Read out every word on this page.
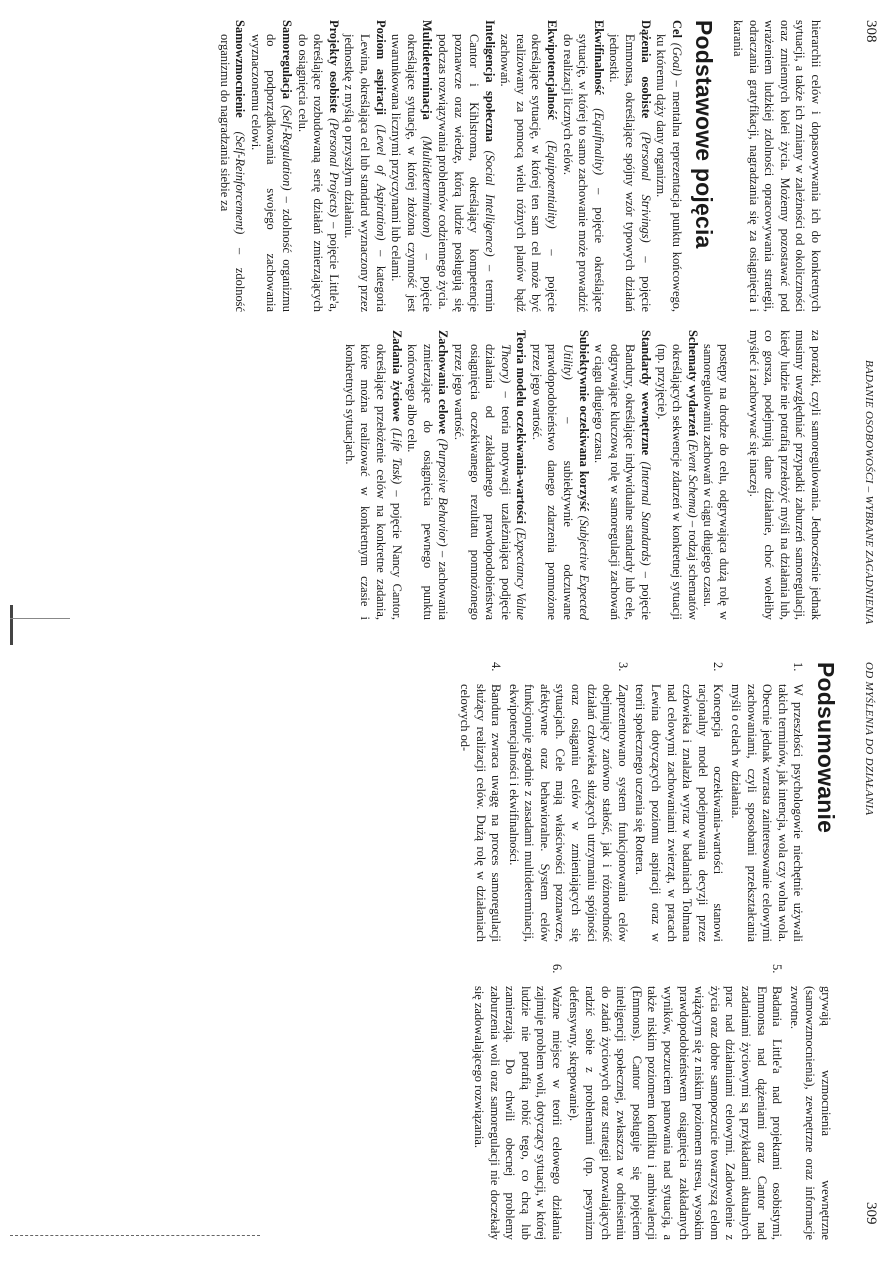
308
BADANIE OSOBOWOŚCI – WYBRANE ZAGADNIENIA

hierarchii celów i dopasowywania ich do konkretnych sytuacji, a także ich zmiany w zależności od okoliczności oraz zmiennych kolei życia. Możemy pozostawać pod wrażeniem ludzkiej zdolności opracowywania strategii, odraczania gratyfikacji, nagradzania się za osiągnięcia i karania

Podstawowe pojęcia

Cel (Goal) – mentalna reprezentacja punktu końcowego, ku któremu dąży dany organizm.

Dążenia osobiste (Personal Strivings) – pojęcie Emmonsa, określające spójny wzór typowych działań jednostki.

Ekwifinalność (Equifinality) – pojęcie określające sytuację, w której to samo zachowanie może prowadzić do realizacji licznych celów.

Ekwipotencjalność (Equipotentiality) – pojęcie określające sytuację, w której ten sam cel może być realizowany za pomocą wielu różnych planów bądź zachowań.

Inteligencja społeczna (Social Intelligence) – termin Cantor i Kihlstroma, określający kompetencje poznawcze oraz wiedzę, którą ludzie posługują się podczas rozwiązywania problemów codziennego życia.

Multideterminacja (Multideterminaton) – pojęcie określające sytuację, w której złożona czynność jest uwarunkowana licznymi przyczynami lub celami.

Poziom aspiracji (Level of Aspiration) – kategoria Lewina, określająca cel lub standard wyznaczony przez jednostkę z myślą o przyszłym działaniu.

Projekty osobiste (Personal Projects) – pojęcie Little'a, określające rozbudowaną serię działań zmierzających do osiągnięcia celu.

Samoregulacja (Self-Regulation) – zdolność organizmu do podporządkowania swojego zachowania wyznaczonemu celowi.

Samowzmocnienie (Self-Reinforcement) – zdolność organizmu do nagradzania siebie za

za porażki, czyli samoregulowania. Jednocześnie jednak musimy uwzględniać przypadki zaburzeń samoregulacji, kiedy ludzie nie potrafią przełożyć myśli na działania lub, co gorsza, podejmują dane działanie, choć wolełiby myśleć i zachowywać się inaczej.

postępy na drodze do celu, odgrywająca dużą rolę w samoregulowaniu zachowań w ciągu długiego czasu.

Schematy wydarzeń (Event Schema) – rodzaj schematów określających sekwencje zdarzeń w konkretnej sytuacji (np. przyjęcie).

Standardy wewnętrzne (Internal Standards) – pojęcie Bandury, określające indywidualne standardy lub cele, odgrywające kluczową rolę w samoregulacji zachowań w ciągu długiego czasu.

Subiektywnie oczekiwana korzyść (Subjective Expected Utility) – subiektywnie odczuwane prawdopodobieństwo danego zdarzenia pomnożone przez jego wartość.

Teoria modelu oczekiwania-wartości (Expectancy Value Theory) – teoria motywacji uzależniająca podjęcie działania od zakładanego prawdopodobieństwa osiągnięcia oczekiwanego rezultatu pomnożonego przez jego wartość.

Zachowania celowe (Purposive Behavior) – zachowania zmierzające do osiągnięcia pewnego punktu końcowego albo celu.

Zadania życiowe (Life Task) – pojęcie Nancy Cantor, określające przełożenie celów na konkretne zadania, które można realizować w konkretnym czasie i konkretnych sytuacjach.

OD MYŚLENIA DO DZIAŁANIA
309
Podsumowanie
1.
W przeszłości psychologowie niechętnie używali takich terminów, jak intencja, wola czy wolna wola. Obecnie jednak wzrasta zainteresowanie celowymi zachowaniami, czyli sposobami przekształcania myśli o celach w działania.
2.
Koncepcja oczekiwania-wartości stanowi racjonalny model podejmowania decyzji przez człowieka i znalazła wyraz w badaniach Tolmana nad celowymi zachowaniami zwierząt, w pracach Lewina dotyczących poziomu aspiracji oraz w teorii społecznego uczenia się Rottera.
3.
Zaprezentowano system funkcjonowania celów obejmujący zarówno stałość, jak i różnorodność działań człowieka służących utrzymaniu spójności oraz osiąganiu celów w zmieniających się sytuacjach. Cele mają właściwości poznawcze, afektywne oraz behawioralne. System celów funkcjonuje zgodnie z zasadami multideterminacji, ekwipotencjalności i ekwifinalności.
4.
Bandura zwraca uwagę na proces samoregulacji służący realizacji celów. Dużą rolę w działaniach celowych od-
grywają wzmocnienia wewnętrzne (samowzmocnienia), zewnętrzne oraz informacje zwrotne.
5.
Badania Little'a nad projektami osobistymi, Emmonsa nad dążeniami oraz Cantor nad zadaniami życiowymi są przykładami aktualnych prac nad działaniami celowymi. Zadowolenie z życia oraz dobre samopoczucie towarzyszą celom wiążącym się z niskim poziomem stresu, wysokim prawdopodobieństwem osiągnięcia zakładanych wyników, poczuciem panowania nad sytuacją, a także niskim poziomem konfliktu i ambiwalencji (Emmons). Cantor posługuje się pojęciem inteligencji społecznej, zwłaszcza w odniesieniu do zadań życiowych oraz strategii pozwalających radzić sobie z problemami (np. pesymizm defensywny, skrępowanie).
6.
Ważne miejsce w teorii celowego działania zajmuje problem woli, dotyczący sytuacji, w której ludzie nie potrafią robić tego, co chcą lub zamierzają. Do chwili obecnej problemy zaburzenia woli oraz samoregulacji nie doczekały się zadowalającego rozwiązania.
